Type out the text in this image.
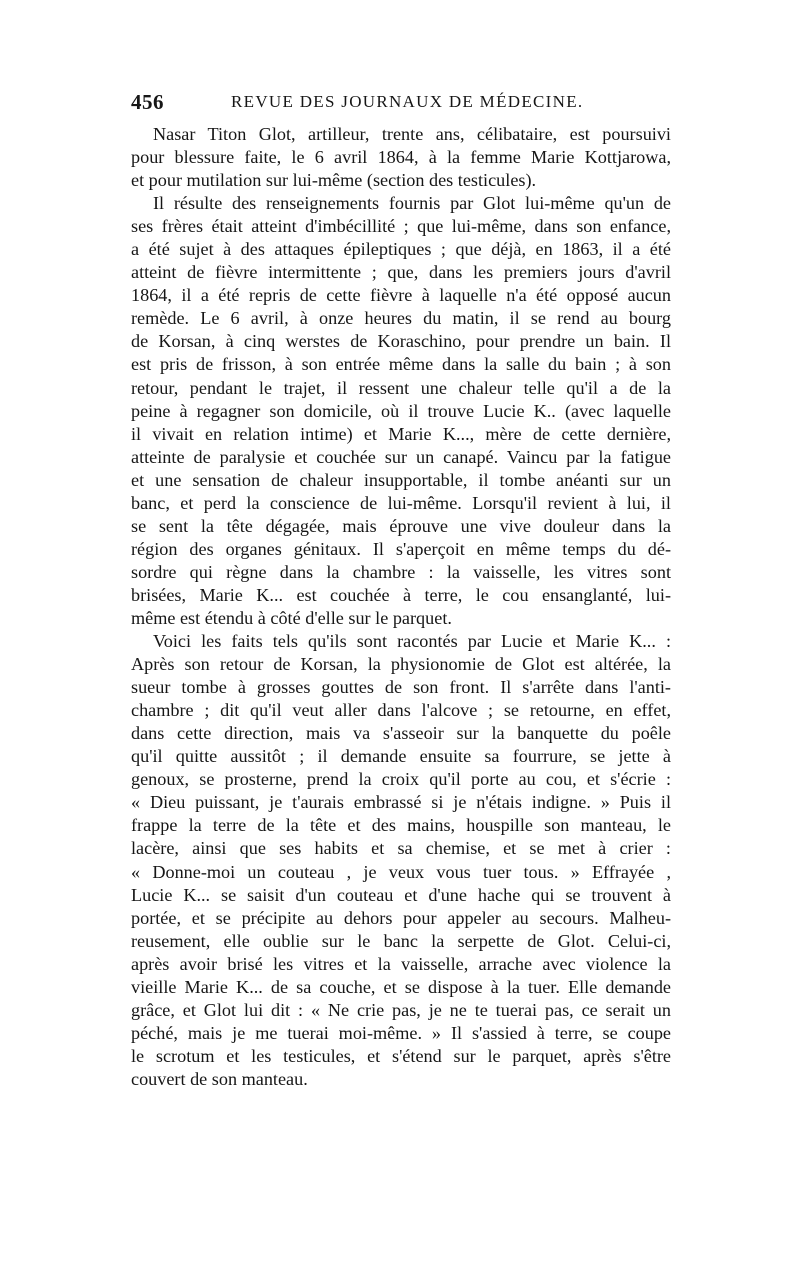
456	REVUE DES JOURNAUX DE MÉDECINE.
Nasar Titon Glot, artilleur, trente ans, célibataire, est poursuivi
pour blessure faite, le 6 avril 1864, à la femme Marie Kottjarowa,
et pour mutilation sur lui-même (section des testicules).
Il résulte des renseignements fournis par Glot lui-même qu'un de
ses frères était atteint d'imbécillité ; que lui-même, dans son enfance,
a été sujet à des attaques épileptiques ; que déjà, en 1863, il a été
atteint de fièvre intermittente ; que, dans les premiers jours d'avril
1864, il a été repris de cette fièvre à laquelle n'a été opposé aucun
remède. Le 6 avril, à onze heures du matin, il se rend au bourg
de Korsan, à cinq werstes de Koraschino, pour prendre un bain. Il
est pris de frisson, à son entrée même dans la salle du bain ; à son
retour, pendant le trajet, il ressent une chaleur telle qu'il a de la
peine à regagner son domicile, où il trouve Lucie K.. (avec laquelle
il vivait en relation intime) et Marie K..., mère de cette dernière,
atteinte de paralysie et couchée sur un canapé. Vaincu par la fatigue
et une sensation de chaleur insupportable, il tombe anéanti sur un
banc, et perd la conscience de lui-même. Lorsqu'il revient à lui, il
se sent la tête dégagée, mais éprouve une vive douleur dans la
région des organes génitaux. Il s'aperçoit en même temps du dé-
sordre qui règne dans la chambre : la vaisselle, les vitres sont
brisées, Marie K... est couchée à terre, le cou ensanglanté, lui-
même est étendu à côté d'elle sur le parquet.
Voici les faits tels qu'ils sont racontés par Lucie et Marie K... :
Après son retour de Korsan, la physionomie de Glot est altérée, la
sueur tombe à grosses gouttes de son front. Il s'arrête dans l'anti-
chambre ; dit qu'il veut aller dans l'alcove ; se retourne, en effet,
dans cette direction, mais va s'asseoir sur la banquette du poêle
qu'il quitte aussitôt ; il demande ensuite sa fourrure, se jette à
genoux, se prosterne, prend la croix qu'il porte au cou, et s'écrie :
« Dieu puissant, je t'aurais embrassé si je n'étais indigne. » Puis il
frappe la terre de la tête et des mains, houspille son manteau, le
lacère, ainsi que ses habits et sa chemise, et se met à crier :
« Donne-moi un couteau , je veux vous tuer tous. » Effrayée ,
Lucie K... se saisit d'un couteau et d'une hache qui se trouvent à
portée, et se précipite au dehors pour appeler au secours. Malheu-
reusement, elle oublie sur le banc la serpette de Glot. Celui-ci,
après avoir brisé les vitres et la vaisselle, arrache avec violence la
vieille Marie K... de sa couche, et se dispose à la tuer. Elle demande
grâce, et Glot lui dit : « Ne crie pas, je ne te tuerai pas, ce serait un
péché, mais je me tuerai moi-même. » Il s'assied à terre, se coupe
le scrotum et les testicules, et s'étend sur le parquet, après s'être
couvert de son manteau.
